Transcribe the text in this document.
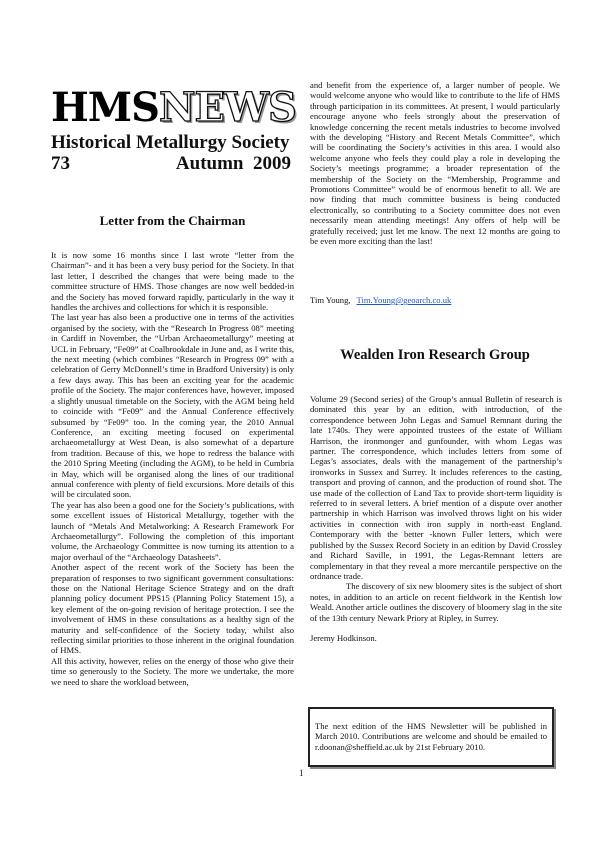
HMSNEWS
Historical Metallurgy Society
73	Autumn  2009
Letter from the Chairman

It is now some 16 months since I last wrote “letter from the Chairman”- and it has been a very busy period for the Society. In that last letter, I described the changes that were being made to the committee structure of HMS. Those changes are now well bedded-in and the Society has moved forward rapidly, particularly in the way it handles the archives and collections for which it is responsible.

The last year has also been a productive one in terms of the activities organised by the society, with the “Research In Progress 08” meeting in Cardiff in November, the “Urban Archaeometallurgy” meeting at UCL in February, “Fe09” at Coalbrookdale in June and, as I write this, the next meeting (which combines “Research in Progress 09” with a celebration of Gerry McDonnell’s time in Bradford University) is only a few days away. This has been an exciting year for the academic profile of the Society. The major conferences have, however, imposed a slightly unusual timetable on the Society, with the AGM being held to coincide with “Fe09” and the Annual Conference effectively subsumed by “Fe09” too. In the coming year, the 2010 Annual Conference, an exciting meeting focused on experimental archaeometallurgy at West Dean, is also somewhat of a departure from tradition. Because of this, we hope to redress the balance with the 2010 Spring Meeting (including the AGM), to be held in Cumbria in May, which will be organised along the lines of our traditional annual conference with plenty of field excursions. More details of this will be circulated soon.

The year has also been a good one for the Society’s publications, with some excellent issues of Historical Metallurgy, together with the launch of “Metals And Metalworking: A Research Framework For Archaeometallurgy”. Following the completion of this important volume, the Archaeology Committee is now turning its attention to a major overhaul of the “Archaeology Datasheets”.

Another aspect of the recent work of the Society has been the preparation of responses to two significant government consultations: those on the National Heritage Science Strategy and on the draft planning policy document PPS15 (Planning Policy Statement 15), a key element of the on-going revision of heritage protection. I see the involvement of HMS in these consultations as a healthy sign of the maturity and self-confidence of the Society today, whilst also reflecting similar priorities to those inherent in the original foundation of HMS.

All this activity, however, relies on the energy of those who give their time so generously to the Society. The more we undertake, the more we need to share the workload between,

and benefit from the experience of, a larger number of people. We would welcome anyone who would like to contribute to the life of HMS through participation in its committees. At present, I would particularly encourage anyone who feels strongly about the preservation of knowledge concerning the recent metals industries to become involved with the developing “History and Recent Metals Committee”, which will be coordinating the Society’s activities in this area. I would also welcome anyone who feels they could play a role in developing the Society’s meetings programme; a broader representation of the membership of the Society on the “Membership, Programme and Promotions Committee” would be of enormous benefit to all. We are now finding that much committee business is being conducted electronically, so contributing to a Society committee does not even necessarily mean attending meetings! Any offers of help will be gratefully received; just let me know. The next 12 months are going to be even more exciting than the last!

Tim Young, Tim.Young@geoarch.co.uk
Wealden Iron Research Group

Volume 29 (Second series) of the Group’s annual Bulletin of research is dominated this year by an edition, with introduction, of the correspondence between John Legas and Samuel Remnant during the late 1740s. They were appointed trustees of the estate of William Harrison, the ironmonger and gunfounder, with whom Legas was partner. The correspondence, which includes letters from some of Legas’s associates, deals with the management of the partnership’s ironworks in Sussex and Surrey. It includes references to the casting, transport and proving of cannon, and the production of round shot. The use made of the collection of Land Tax to provide short-term liquidity is referred to in several letters. A brief mention of a dispute over another partnership in which Harrison was involved throws light on his wider activities in connection with iron supply in north-east England. Contemporary with the better -known Fuller letters, which were published by the Sussex Record Society in an edition by David Crossley and Richard Saville, in 1991, the Legas-Remnant letters are complementary in that they reveal a more mercantile perspective on the ordnance trade.

The discovery of six new bloomery sites is the subject of short notes, in addition to an article on recent fieldwork in the Kentish low Weald. Another article outlines the discovery of bloomery slag in the site of the 13th century Newark Priory at Ripley, in Surrey.

Jeremy Hodkinson.

The next edition of the HMS Newsletter will be published in March 2010. Contributions are welcome and should be emailed to r.doonan@sheffield.ac.uk by 21st February 2010.

1
